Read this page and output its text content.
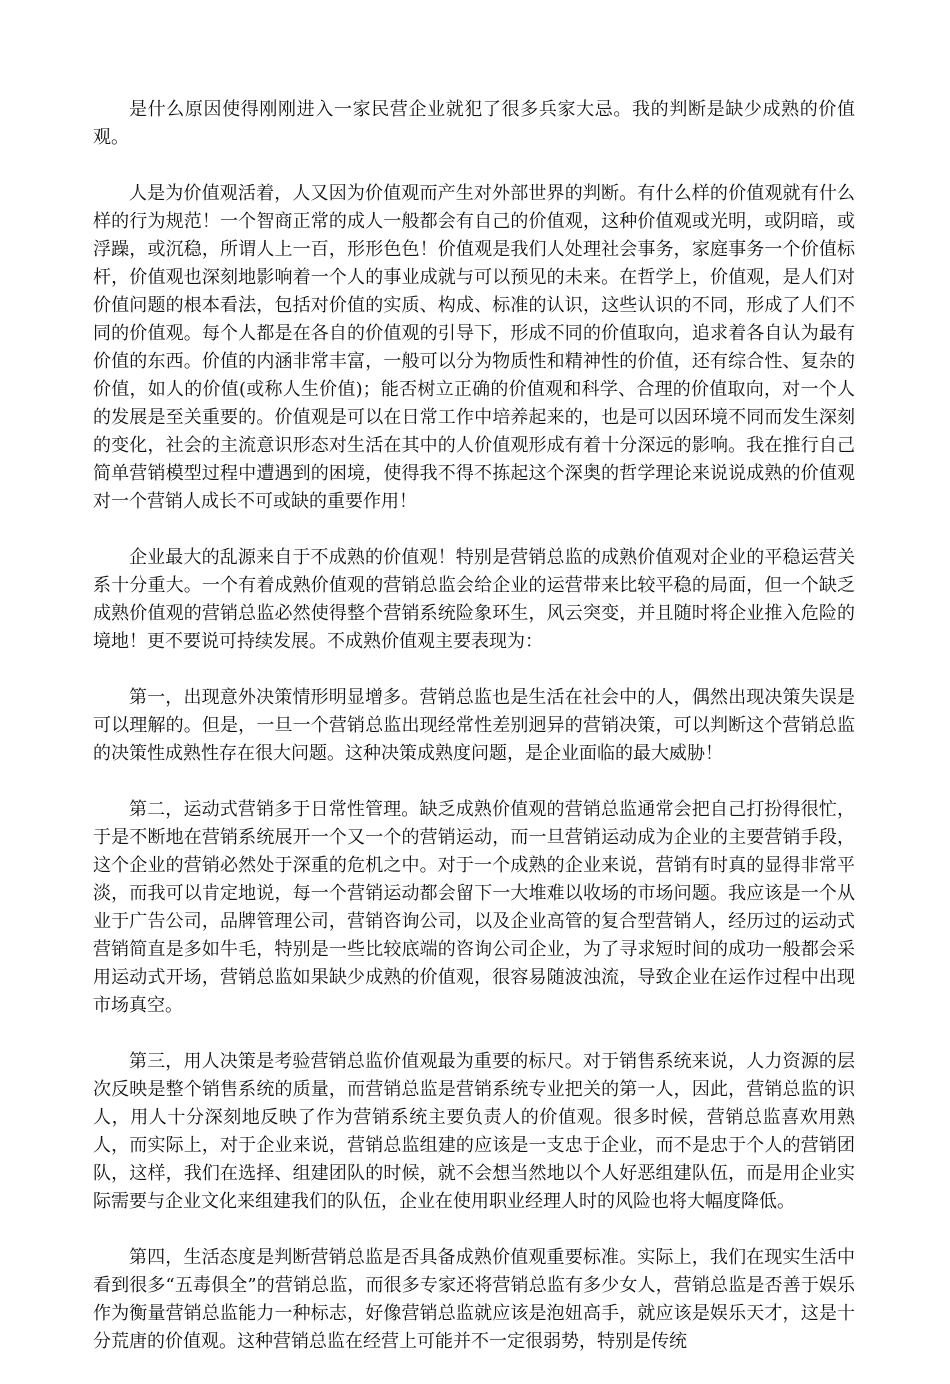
是什么原因使得刚刚进入一家民营企业就犯了很多兵家大忌。我的判断是缺少成熟的价值观。

人是为价值观活着，人又因为价值观而产生对外部世界的判断。有什么样的价值观就有什么样的行为规范！一个智商正常的成人一般都会有自己的价值观，这种价值观或光明，或阴暗，或浮躁，或沉稳，所谓人上一百，形形色色！价值观是我们人处理社会事务，家庭事务一个价值标杆，价值观也深刻地影响着一个人的事业成就与可以预见的未来。在哲学上，价值观，是人们对价值问题的根本看法，包括对价值的实质、构成、标准的认识，这些认识的不同，形成了人们不同的价值观。每个人都是在各自的价值观的引导下，形成不同的价值取向，追求着各自认为最有价值的东西。价值的内涵非常丰富，一般可以分为物质性和精神性的价值，还有综合性、复杂的价值，如人的价值(或称人生价值)；能否树立正确的价值观和科学、合理的价值取向，对一个人的发展是至关重要的。价值观是可以在日常工作中培养起来的，也是可以因环境不同而发生深刻的变化，社会的主流意识形态对生活在其中的人价值观形成有着十分深远的影响。我在推行自己简单营销模型过程中遭遇到的困境，使得我不得不拣起这个深奥的哲学理论来说说成熟的价值观对一个营销人成长不可或缺的重要作用！

企业最大的乱源来自于不成熟的价值观！特别是营销总监的成熟价值观对企业的平稳运营关系十分重大。一个有着成熟价值观的营销总监会给企业的运营带来比较平稳的局面，但一个缺乏成熟价值观的营销总监必然使得整个营销系统险象环生，风云突变，并且随时将企业推入危险的境地！更不要说可持续发展。不成熟价值观主要表现为：

第一，出现意外决策情形明显增多。营销总监也是生活在社会中的人，偶然出现决策失误是可以理解的。但是，一旦一个营销总监出现经常性差别迥异的营销决策，可以判断这个营销总监的决策性成熟性存在很大问题。这种决策成熟度问题，是企业面临的最大威胁！

第二，运动式营销多于日常性管理。缺乏成熟价值观的营销总监通常会把自己打扮得很忙，于是不断地在营销系统展开一个又一个的营销运动，而一旦营销运动成为企业的主要营销手段，这个企业的营销必然处于深重的危机之中。对于一个成熟的企业来说，营销有时真的显得非常平淡，而我可以肯定地说，每一个营销运动都会留下一大堆难以收场的市场问题。我应该是一个从业于广告公司，品牌管理公司，营销咨询公司，以及企业高管的复合型营销人，经历过的运动式营销简直是多如牛毛，特别是一些比较底端的咨询公司企业，为了寻求短时间的成功一般都会采用运动式开场，营销总监如果缺少成熟的价值观，很容易随波浊流，导致企业在运作过程中出现市场真空。

第三，用人决策是考验营销总监价值观最为重要的标尺。对于销售系统来说，人力资源的层次反映是整个销售系统的质量，而营销总监是营销系统专业把关的第一人，因此，营销总监的识人，用人十分深刻地反映了作为营销系统主要负责人的价值观。很多时候，营销总监喜欢用熟人，而实际上，对于企业来说，营销总监组建的应该是一支忠于企业，而不是忠于个人的营销团队，这样，我们在选择、组建团队的时候，就不会想当然地以个人好恶组建队伍，而是用企业实际需要与企业文化来组建我们的队伍，企业在使用职业经理人时的风险也将大幅度降低。

第四，生活态度是判断营销总监是否具备成熟价值观重要标准。实际上，我们在现实生活中看到很多“五毒俱全”的营销总监，而很多专家还将营销总监有多少女人，营销总监是否善于娱乐作为衡量营销总监能力一种标志，好像营销总监就应该是泡妞高手，就应该是娱乐天才，这是十分荒唐的价值观。这种营销总监在经营上可能并不一定很弱势，特别是传统
